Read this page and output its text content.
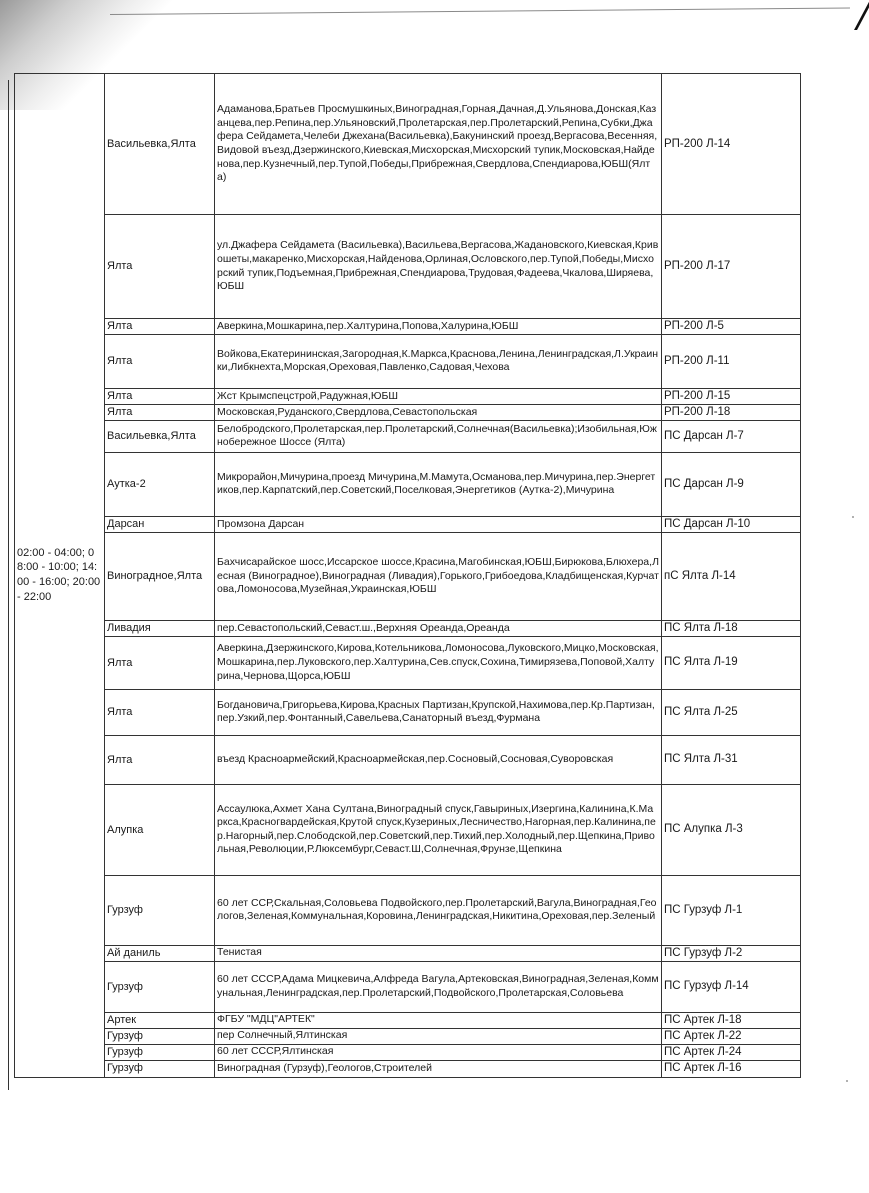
02:00 - 04:00; 08:00 - 10:00; 14:00 - 16:00; 20:00 - 22:00	Васильевка,Ялта	Адаманова,Братьев Просмушкиных,Виноградная,Горная,Дачная,Д.Ульянова,Донская,Казанцева,пер.Репина,пер.Ульяновский,Пролетарская,пер.Пролетарский,Репина,Субки,Джафера Сейдамета,Челеби Джехана(Васильевка),Бакунинский проезд,Вергасова,Весенняя,Видовой въезд,Дзержинского,Киевская,Мисхорская,Мисхорский тупик,Московская,Найденова,пер.Кузнечный,пер.Тупой,Победы,Прибрежная,Свердлова,Спендиарова,ЮБШ(Ялта)	РП-200 Л-14
	Ялта	ул.Джафера Сейдамета (Васильевка),Васильева,Вергасова,Жадановского,Киевская,Кривошеты,макаренко,Мисхорская,Найденова,Орлиная,Ословского,пер.Тупой,Победы,Мисхорский тупик,Подъемная,Прибрежная,Спендиарова,Трудовая,Фадеева,Чкалова,Ширяева,ЮБШ	РП-200 Л-17
	Ялта	Аверкина,Мошкарина,пер.Халтурина,Попова,Халурина,ЮБШ	РП-200 Л-5
	Ялта	Войкова,Екатерининская,Загородная,К.Маркса,Краснова,Ленина,Ленинградская,Л.Украинки,Либкнехта,Морская,Ореховая,Павленко,Садовая,Чехова	РП-200 Л-11
	Ялта	Жст Крымспецстрой,Радужная,ЮБШ	РП-200 Л-15
	Ялта	Московская,Руданского,Свердлова,Севастопольская	РП-200 Л-18
	Васильевка,Ялта	Белобродского,Пролетарская,пер.Пролетарский,Солнечная(Васильевка);Изобильная,Южнобережное Шоссе (Ялта)	ПС Дарсан Л-7
	Аутка-2	Микрорайон,Мичурина,проезд Мичурина,М.Мамута,Османова,пер.Мичурина,пер.Энергетиков,пер.Карпатский,пер.Советский,Поселковая,Энергетиков (Аутка-2),Мичурина	ПС Дарсан Л-9
	Дарсан	Промзона Дарсан	ПС Дарсан Л-10
	Виноградное,Ялта	Бахчисарайское шосс,Иссарское шоссе,Красина,Магобинская,ЮБШ,Бирюкова,Блюхера,Лесная (Виноградное),Виноградная (Ливадия),Горького,Грибоедова,Кладбищенская,Курчатова,Ломоносова,Музейная,Украинская,ЮБШ	пС Ялта Л-14
	Ливадия	пер.Севастопольский,Севаст.ш.,Верхняя Ореанда,Ореанда	ПС Ялта Л-18
	Ялта	Аверкина,Дзержинского,Кирова,Котельникова,Ломоносова,Луковского,Мицко,Московская,Мошкарина,пер.Луковского,пер.Халтурина,Сев.спуск,Сохина,Тимирязева,Поповой,Халтурина,Чернова,Щорса,ЮБШ	ПС Ялта Л-19
	Ялта	Богдановича,Григорьева,Кирова,Красных Партизан,Крупской,Нахимова,пер.Кр.Партизан,пер.Узкий,пер.Фонтанный,Савельева,Санаторный въезд,Фурмана	ПС Ялта Л-25
	Ялта	въезд Красноармейский,Красноармейская,пер.Сосновый,Сосновая,Суворовская	ПС Ялта Л-31
	Алупка	Ассаулюка,Ахмет Хана Султана,Виноградный спуск,Гавыриных,Изергина,Калинина,К.Маркса,Красногвардейская,Крутой спуск,Кузериных,Лесничество,Нагорная,пер.Калинина,пер.Нагорный,пер.Слободской,пер.Советский,пер.Тихий,пер.Холодный,пер.Щепкина,Привольная,Революции,Р.Люксембург,Севаст.Ш,Солнечная,Фрунзе,Щепкина	ПС Алупка Л-3
	Гурзуф	60 лет ССР,Скальная,Соловьева Подвойского,пер.Пролетарский,Вагула,Виноградная,Геологов,Зеленая,Коммунальная,Коровина,Ленинградская,Никитина,Ореховая,пер.Зеленый	ПС Гурзуф Л-1
	Ай даниль	Тенистая	ПС Гурзуф Л-2
	Гурзуф	60 лет СССР,Адама Мицкевича,Алфреда Вагула,Артековская,Виноградная,Зеленая,Коммунальная,Ленинградская,пер.Пролетарский,Подвойского,Пролетарская,Соловьева	ПС Гурзуф Л-14
	Артек	ФГБУ "МДЦ"АРТЕК"	ПС Артек Л-18
	Гурзуф	пер Солнечный,Ялтинская	ПС Артек Л-22
	Гурзуф	60 лет СССР,Ялтинская	ПС Артек Л-24
	Гурзуф	Виноградная (Гурзуф),Геологов,Строителей	ПС Артек Л-16
